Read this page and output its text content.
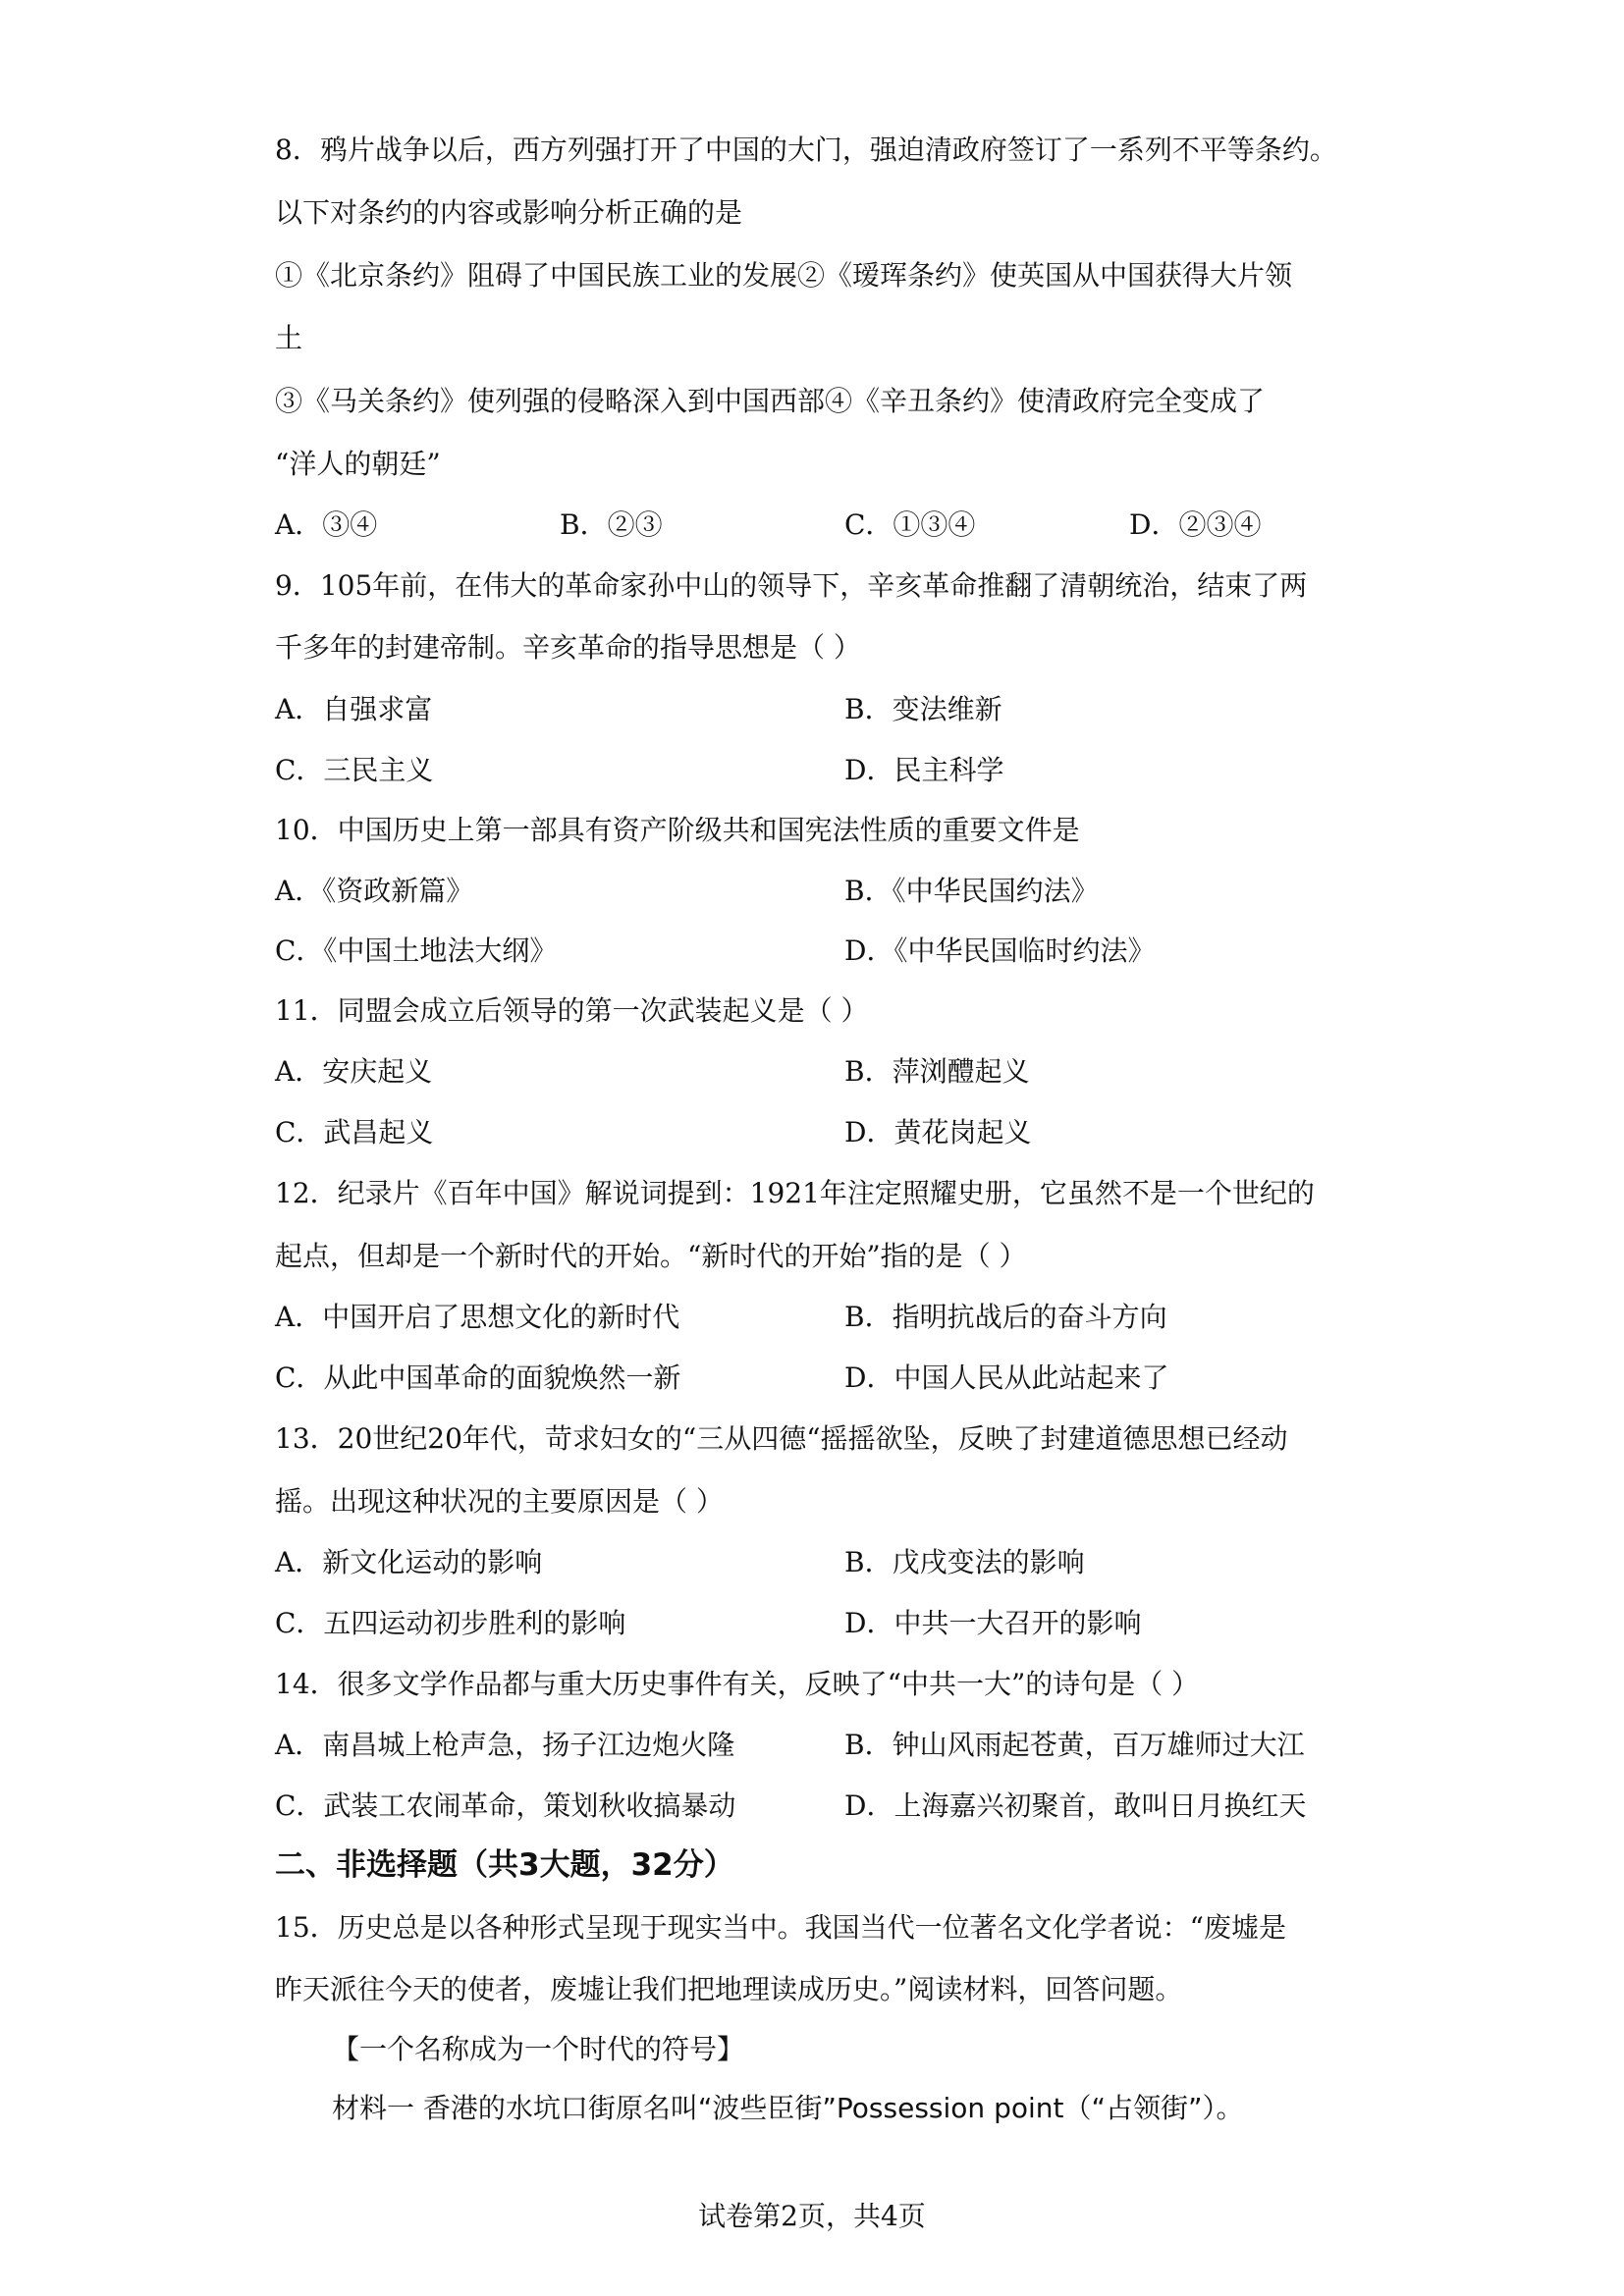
8．鸦片战争以后，西方列强打开了中国的大门，强迫清政府签订了一系列不平等条约。
以下对条约的内容或影响分析正确的是
①《北京条约》阻碍了中国民族工业的发展②《瑷珲条约》使英国从中国获得大片领
土
③《马关条约》使列强的侵略深入到中国西部④《辛丑条约》使清政府完全变成了
“洋人的朝廷”
A．③④	B．②③	C．①③④	D．②③④
9．105年前，在伟大的革命家孙中山的领导下，辛亥革命推翻了清朝统治，结束了两
千多年的封建帝制。辛亥革命的指导思想是（ ）
A．自强求富	B．变法维新
C．三民主义	D．民主科学
10．中国历史上第一部具有资产阶级共和国宪法性质的重要文件是
A．《资政新篇》	B．《中华民国约法》
C．《中国土地法大纲》	D．《中华民国临时约法》
11．同盟会成立后领导的第一次武装起义是（ ）
A．安庆起义	B．萍浏醴起义
C．武昌起义	D．黄花岗起义
12．纪录片《百年中国》解说词提到：1921年注定照耀史册，它虽然不是一个世纪的
起点，但却是一个新时代的开始。“新时代的开始”指的是（ ）
A．中国开启了思想文化的新时代	B．指明抗战后的奋斗方向
C．从此中国革命的面貌焕然一新	D．中国人民从此站起来了
13．20世纪20年代，苛求妇女的“三从四德“摇摇欲坠，反映了封建道德思想已经动
摇。出现这种状况的主要原因是（ ）
A．新文化运动的影响	B．戊戌变法的影响
C．五四运动初步胜利的影响	D．中共一大召开的影响
14．很多文学作品都与重大历史事件有关，反映了“中共一大”的诗句是（ ）
A．南昌城上枪声急，扬子江边炮火隆	B．钟山风雨起苍黄，百万雄师过大江
C．武装工农闹革命，策划秋收搞暴动	D．上海嘉兴初聚首，敢叫日月换红天
二、非选择题（共3大题，32分）
15．历史总是以各种形式呈现于现实当中。我国当代一位著名文化学者说：“废墟是
昨天派往今天的使者，废墟让我们把地理读成历史。”阅读材料，回答问题。
【一个名称成为一个时代的符号】
材料一 香港的水坑口街原名叫“波些臣街”Possession point（“占领街”）。
试卷第2页，共4页
